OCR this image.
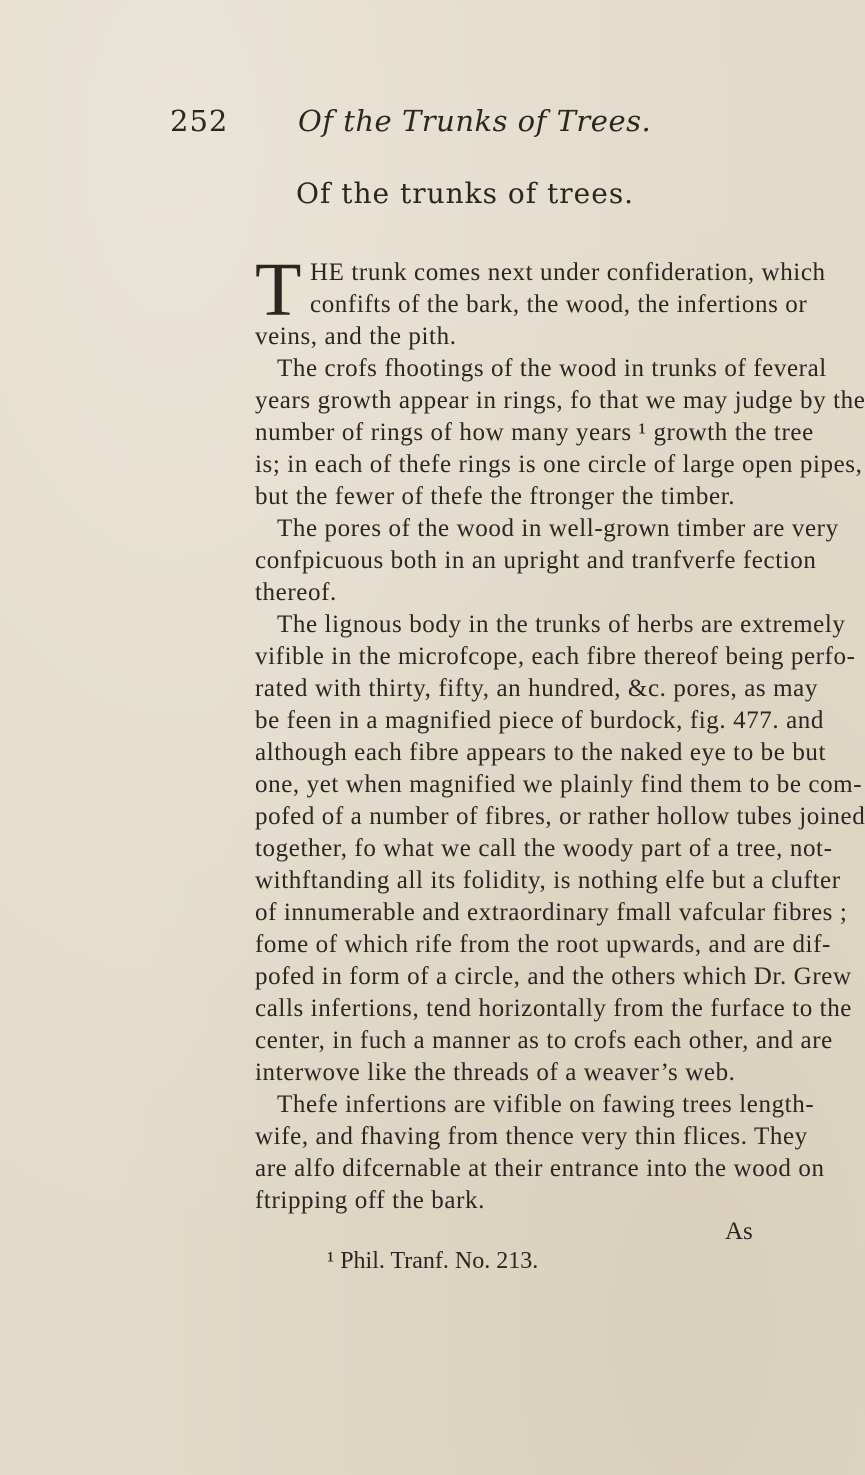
252 Of the Trunks of Trees.
Of the trunks of trees.
T HE trunk comes next under confideration, which
confifts of the bark, the wood, the infertions or
veins, and the pith.
The crofs fhootings of the wood in trunks of feveral
years growth appear in rings, fo that we may judge by the
number of rings of how many years ¹ growth the tree
is; in each of thefe rings is one circle of large open pipes,
but the fewer of thefe the ftronger the timber.
The pores of the wood in well-grown timber are very
confpicuous both in an upright and tranfverfe fection
thereof.
The lignous body in the trunks of herbs are extremely
vifible in the microfcope, each fibre thereof being perfo-
rated with thirty, fifty, an hundred, &c. pores, as may
be feen in a magnified piece of burdock, fig. 477. and
although each fibre appears to the naked eye to be but
one, yet when magnified we plainly find them to be com-
pofed of a number of fibres, or rather hollow tubes joined
together, fo what we call the woody part of a tree, not-
withftanding all its folidity, is nothing elfe but a clufter
of innumerable and extraordinary fmall vafcular fibres ;
fome of which rife from the root upwards, and are dif-
pofed in form of a circle, and the others which Dr. Grew
calls infertions, tend horizontally from the furface to the
center, in fuch a manner as to crofs each other, and are
interwove like the threads of a weaver’s web.
Thefe infertions are vifible on fawing trees length-
wife, and fhaving from thence very thin flices. They
are alfo difcernable at their entrance into the wood on
ftripping off the bark.
As
¹ Phil. Tranf. No. 213.
